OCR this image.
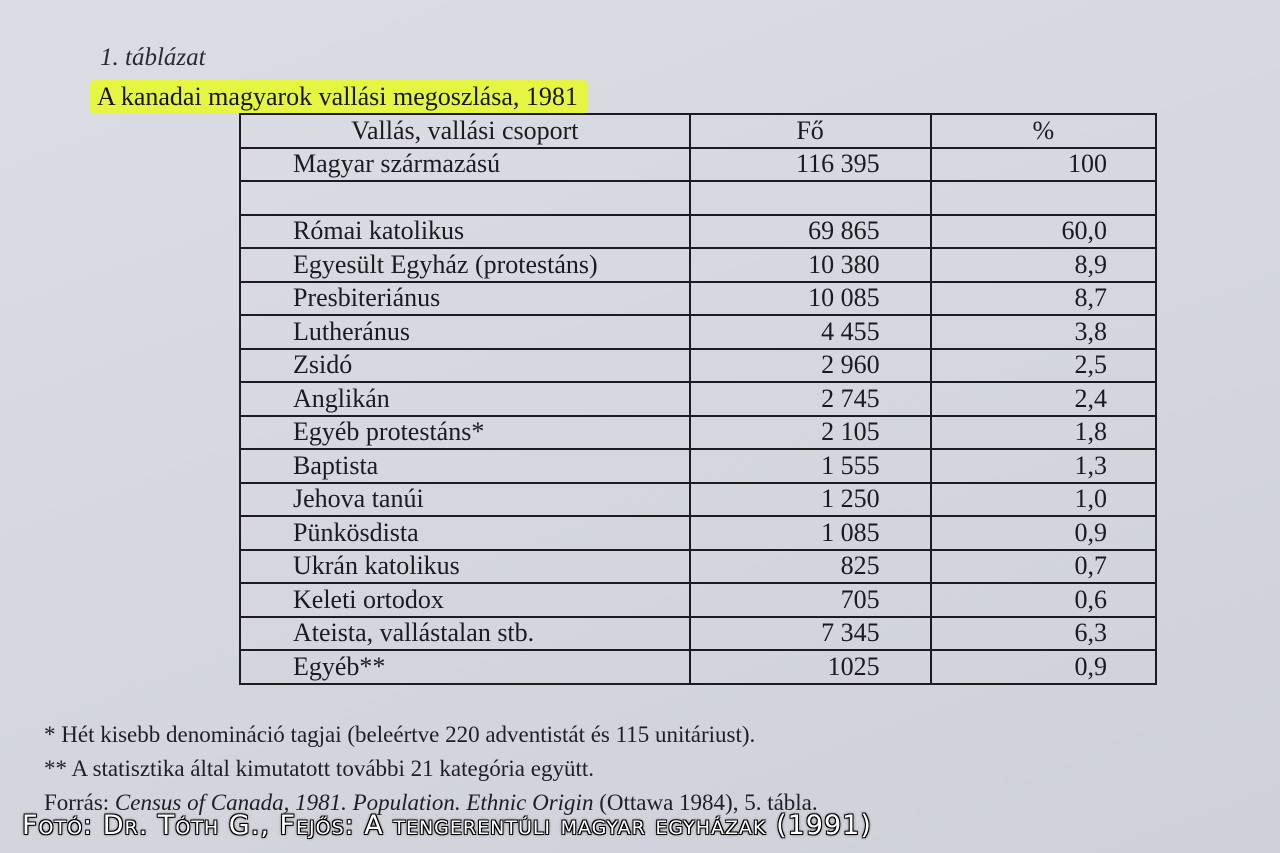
1. táblázat
A kanadai magyarok vallási megoszlása, 1981
Vallás, vallási csoport	Fő	%
Magyar származású	116 395	100

Római katolikus	69 865	60,0
Egyesült Egyház (protestáns)	10 380	8,9
Presbiteriánus	10 085	8,7
Lutheránus	4 455	3,8
Zsidó	2 960	2,5
Anglikán	2 745	2,4
Egyéb protestáns*	2 105	1,8
Baptista	1 555	1,3
Jehova tanúi	1 250	1,0
Pünkösdista	1 085	0,9
Ukrán katolikus	825	0,7
Keleti ortodox	705	0,6
Ateista, vallástalan stb.	7 345	6,3
Egyéb**	1025	0,9
* Hét kisebb denomináció tagjai (beleértve 220 adventistát és 115 unitáriust).
** A statisztika által kimutatott további 21 kategória együtt.
Forrás: Census of Canada, 1981. Population. Ethnic Origin (Ottawa 1984), 5. tábla.
Fotó: Dr. Tóth G., Fejős: A tengerentúli magyar egyházak (1991)
